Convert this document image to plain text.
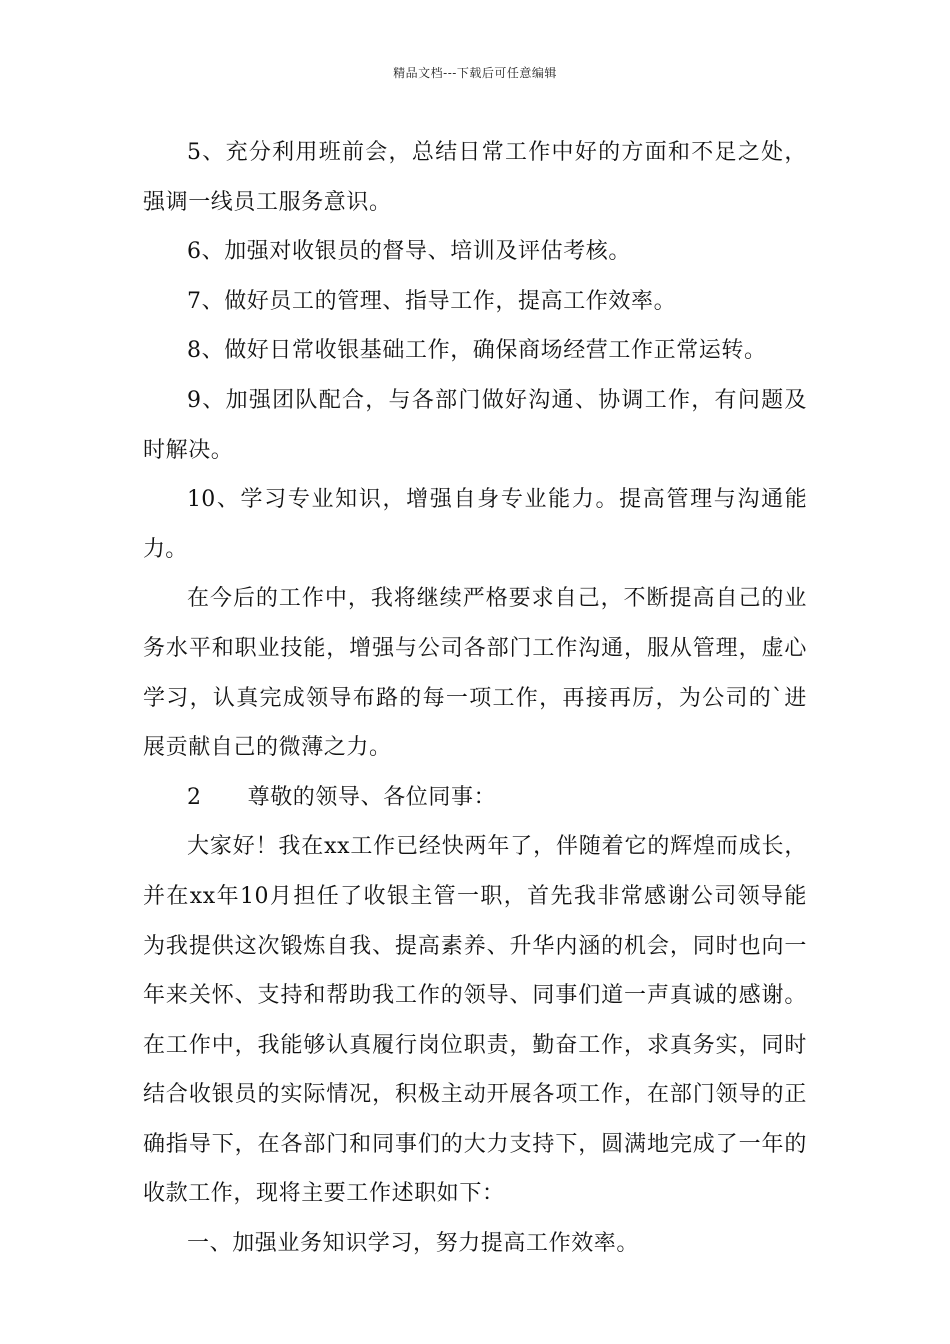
精品文档---下载后可任意编辑

5、充分利用班前会，总结日常工作中好的方面和不足之处，强调一线员工服务意识。

6、加强对收银员的督导、培训及评估考核。

7、做好员工的管理、指导工作，提高工作效率。

8、做好日常收银基础工作，确保商场经营工作正常运转。

9、加强团队配合，与各部门做好沟通、协调工作，有问题及时解决。

10、学习专业知识，增强自身专业能力。提高管理与沟通能力。

在今后的工作中，我将继续严格要求自己，不断提高自己的业务水平和职业技能，增强与公司各部门工作沟通，服从管理，虚心学习，认真完成领导布路的每一项工作，再接再厉，为公司的`进展贡献自己的微薄之力。

2 尊敬的领导、各位同事：

大家好！我在xx工作已经快两年了，伴随着它的辉煌而成长，并在xx年10月担任了收银主管一职，首先我非常感谢公司领导能为我提供这次锻炼自我、提高素养、升华内涵的机会，同时也向一年来关怀、支持和帮助我工作的领导、同事们道一声真诚的感谢。在工作中，我能够认真履行岗位职责，勤奋工作，求真务实，同时结合收银员的实际情况，积极主动开展各项工作，在部门领导的正确指导下，在各部门和同事们的大力支持下，圆满地完成了一年的收款工作，现将主要工作述职如下：

一、加强业务知识学习，努力提高工作效率。
